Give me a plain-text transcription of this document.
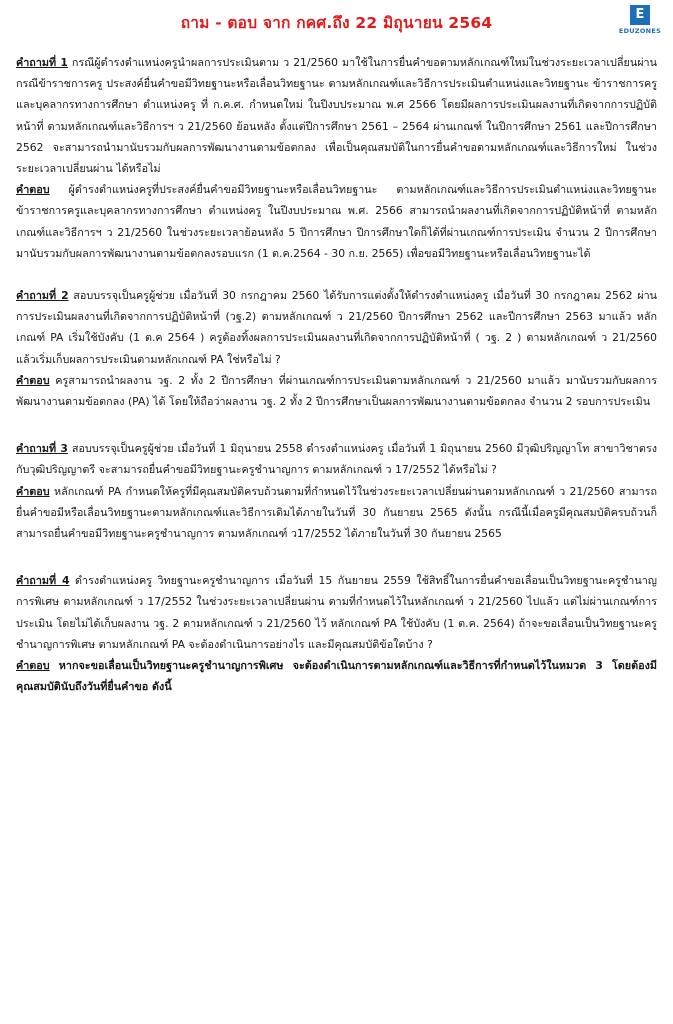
ถาม - ตอบ จาก กคศ.ถึง 22 มิถุนายน 2564	E
EDUZONES

คำถามที่ 1 กรณีผู้ดำรงตำแหน่งครูนำผลการประเมินตาม ว 21/2560 มาใช้ในการยื่นคำขอตามหลักเกณฑ์ใหม่ในช่วงระยะเวลาเปลี่ยนผ่านกรณีข้าราชการครู ประสงค์ยื่นคำขอมีวิทยฐานะหรือเลื่อนวิทยฐานะ ตามหลักเกณฑ์และวิธีการประเมินตำแหน่งและวิทยฐานะ ข้าราชการครูและบุคลากรทางการศึกษา ตำแหน่งครู ที่ ก.ค.ศ. กำหนดใหม่ ในปีงบประมาณ พ.ศ 2566 โดยมีผลการประเมินผลงานที่เกิดจากการปฏิบัติหน้าที่ ตามหลักเกณฑ์และวิธีการฯ ว 21/2560 ย้อนหลัง ตั้งแต่ปีการศึกษา 2561 – 2564 ผ่านเกณฑ์ ในปีการศึกษา 2561 และปีการศึกษา 2562 จะสามารถนำมานับรวมกับผลการพัฒนางานตามข้อตกลง เพื่อเป็นคุณสมบัติในการยื่นคำขอตามหลักเกณฑ์และวิธีการใหม่ ในช่วงระยะเวลาเปลี่ยนผ่าน ได้หรือไม่

คำตอบ ผู้ดำรงตำแหน่งครูที่ประสงค์ยื่นคำขอมีวิทยฐานะหรือเลื่อนวิทยฐานะ ตามหลักเกณฑ์และวิธีการประเมินตำแหน่งและวิทยฐานะ ข้าราชการครูและบุคลากรทางการศึกษา ตำแหน่งครู ในปีงบประมาณ พ.ศ. 2566 สามารถนำผลงานที่เกิดจากการปฏิบัติหน้าที่ ตามหลักเกณฑ์และวิธีการฯ ว 21/2560 ในช่วงระยะเวลาย้อนหลัง 5 ปีการศึกษา ปีการศึกษาใดก็ได้ที่ผ่านเกณฑ์การประเมิน จำนวน 2 ปีการศึกษา มานับรวมกับผลการพัฒนางานตามข้อตกลงรอบแรก (1 ต.ค.2564 - 30 ก.ย. 2565) เพื่อขอมีวิทยฐานะหรือเลื่อนวิทยฐานะได้

คำถามที่ 2 สอบบรรจุเป็นครูผู้ช่วย เมื่อวันที่ 30 กรกฎาคม 2560 ได้รับการแต่งตั้งให้ดำรงตำแหน่งครู เมื่อวันที่ 30 กรกฎาคม 2562 ผ่านการประเมินผลงานที่เกิดจากการปฏิบัติหน้าที่ (วฐ.2) ตามหลักเกณฑ์ ว 21/2560 ปีการศึกษา 2562 และปีการศึกษา 2563 มาแล้ว หลักเกณฑ์ PA เริ่มใช้บังคับ (1 ต.ค 2564 ) ครูต้องทิ้งผลการประเมินผลงานที่เกิดจากการปฏิบัติหน้าที่ ( วฐ. 2 ) ตามหลักเกณฑ์ ว 21/2560 แล้วเริ่มเก็บผลการประเมินตามหลักเกณฑ์ PA ใช่หรือไม่ ?

คำตอบ ครูสามารถนำผลงาน วฐ. 2 ทั้ง 2 ปีการศึกษา ที่ผ่านเกณฑ์การประเมินตามหลักเกณฑ์ ว 21/2560 มาแล้ว มานับรวมกับผลการพัฒนางานตามข้อตกลง (PA) ได้ โดยให้ถือว่าผลงาน วฐ. 2 ทั้ง 2 ปีการศึกษาเป็นผลการพัฒนางานตามข้อตกลง จำนวน 2 รอบการประเมิน

คำถามที่ 3 สอบบรรจุเป็นครูผู้ช่วย เมื่อวันที่ 1 มิถุนายน 2558 ดำรงตำแหน่งครู เมื่อวันที่ 1 มิถุนายน 2560 มีวุฒิปริญญาโท สาขาวิชาตรงกับวุฒิปริญญาตรี จะสามารถยื่นคำขอมีวิทยฐานะครูชำนาญการ ตามหลักเกณฑ์ ว 17/2552 ได้หรือไม่ ?

คำตอบ หลักเกณฑ์ PA กำหนดให้ครูที่มีคุณสมบัติครบถ้วนตามที่กำหนดไว้ในช่วงระยะเวลาเปลี่ยนผ่านตามหลักเกณฑ์ ว 21/2560 สามารถยื่นคำขอมีหรือเลื่อนวิทยฐานะตามหลักเกณฑ์และวิธีการเดิมได้ภายในวันที่ 30 กันยายน 2565 ดังนั้น กรณีนี้เมื่อครูมีคุณสมบัติครบถ้วนก็สามารถยื่นคำขอมีวิทยฐานะครูชำนาญการ ตามหลักเกณฑ์ ว17/2552 ได้ภายในวันที่ 30 กันยายน 2565

คำถามที่ 4 ดำรงตำแหน่งครู วิทยฐานะครูชำนาญการ เมื่อวันที่ 15 กันยายน 2559 ใช้สิทธิ์ในการยื่นคำขอเลื่อนเป็นวิทยฐานะครูชำนาญการพิเศษ ตามหลักเกณฑ์ ว 17/2552 ในช่วงระยะเวลาเปลี่ยนผ่าน ตามที่กำหนดไว้ในหลักเกณฑ์ ว 21/2560 ไปแล้ว แต่ไม่ผ่านเกณฑ์การประเมิน โดยไม่ได้เก็บผลงาน วฐ. 2 ตามหลักเกณฑ์ ว 21/2560 ไว้ หลักเกณฑ์ PA ใช้บังคับ (1 ต.ค. 2564) ถ้าจะขอเลื่อนเป็นวิทยฐานะครูชำนาญการพิเศษ ตามหลักเกณฑ์ PA จะต้องดำเนินการอย่างไร และมีคุณสมบัติข้อใดบ้าง ?

คำตอบ หากจะขอเลื่อนเป็นวิทยฐานะครูชำนาญการพิเศษ จะต้องดำเนินการตามหลักเกณฑ์และวิธีการที่กำหนดไว้ในหมวด 3 โดยต้องมีคุณสมบัตินับถึงวันที่ยื่นคำขอ ดังนี้
